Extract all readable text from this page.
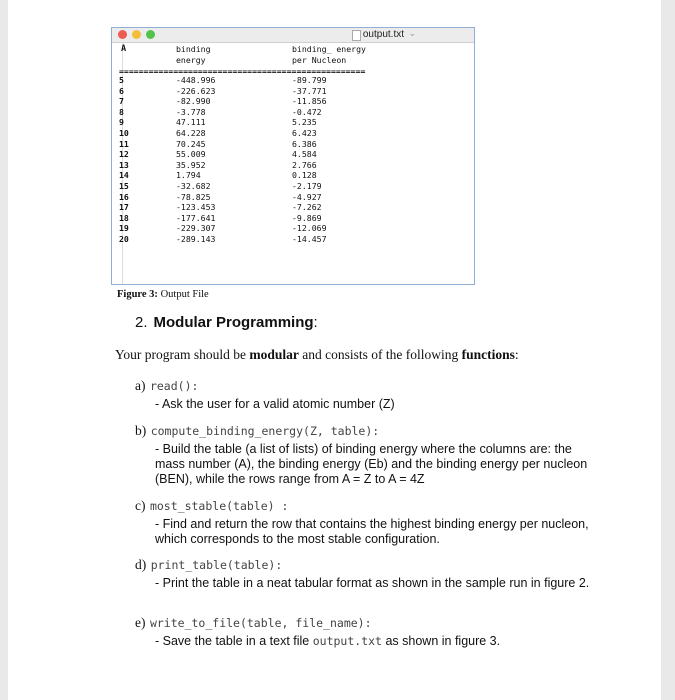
output.txt ⌄
A	binding
energy
binding_ energy
per Nucleon
==================================================
5
6
7
8
9
10
11
12
13
14
15
16
17
18
19
20
-448.996
-226.623
-82.990
-3.778
47.111
64.228
70.245
55.009
35.952
1.794
-32.682
-78.825
-123.453
-177.641
-229.307
-289.143
-89.799
-37.771
-11.856
-0.472
5.235
6.423
6.386
4.584
2.766
0.128
-2.179
-4.927
-7.262
-9.869
-12.069
-14.457
Figure 3: Output File
2. Modular Programming:
Your program should be modular and consists of the following functions:
a) read():
- Ask the user for a valid atomic number (Z)
b) compute_binding_energy(Z, table):
- Build the table (a list of lists) of binding energy where the columns are: the mass number (A), the binding energy (Eb) and the binding energy per nucleon (BEN), while the rows range from A = Z to A = 4Z
c) most_stable(table) :
- Find and return the row that contains the highest binding energy per nucleon, which corresponds to the most stable configuration.
d) print_table(table):
- Print the table in a neat tabular format as shown in the sample run in figure 2.
e) write_to_file(table, file_name):
- Save the table in a text file output.txt as shown in figure 3.
